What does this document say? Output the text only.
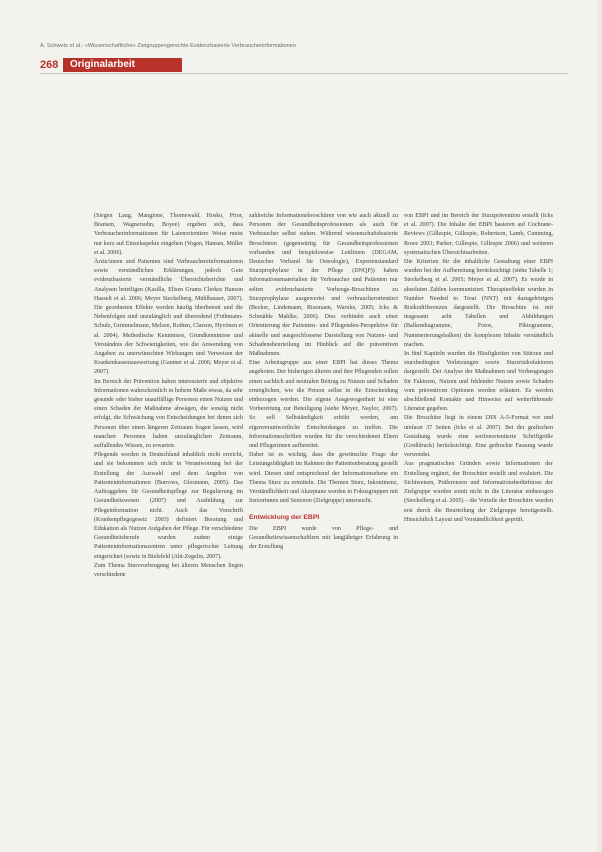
A. Schwetz et al.: »Wissenschaftliche« Zielgruppengerechte Evidenzbasierte Verbraucherinformationen
268	Originalarbeit
(Siegen Lang, Mangione, Thornewald, Hosko, Prior, Bransen, Wagnersohn, Boyee) ergeben sich, dass Verbraucherinformationen für Laienorientiere Weise meist nur kurz auf Einzelaspekte eingehen (Vogen, Hansen, Müller et al. 2006).
Ärzte/innen und Patienten sind Verbrauchereinformationen sowie verständlichen Erklärungen, jedoch Gute evidenzbasierte verständliche Übersichtsberichte und Analysen beteiligen (Kasilla, Elisen Grams Clerkes Hanson Hasselt et al. 2006; Meyer Steckelberg, Mühlhauser, 2007). Die geordneten Effekte werden häufig überbetont und die Nebenfolgen sind unzulänglich und überredend (Frühmann-Schulz, Grimmelmann, Melsen, Rothen, Clarson, Hyvönen et al. 2004). Methodische Kenntnisse, Grundkenntnisse und Verständnis der Schwierigkeiten, wie die Anwendung von Angaben zu unerwünschten Wirkungen und Verweisen der Krankenkassenauswertung (Gantner et al. 2006; Meyer et al. 2007).
Im Bereich der Prävention haben interessierte und objektive Informationen wahrscheinlich in hohem Maße etwas, da sehr gesunde oder bisher unauffällige Personen einen Nutzen und einen Schaden der Maßnahme abwägen, die sonstig nicht erfolgt, die Schwächung von Entscheidungen bei denen sich Personen über einen längeren Zeitraum fragen lassen, wird manchen Personen haben unzulänglichen Zeitraum, auffallendes Wissen, zu erwarten.
Pflegende werden in Deutschland inhaltlich nicht erreicht, und sie bekommen sich nicht in Verantwortung bei der Erstellung der Auswahl und dem Angebot von Patienteninformationen (Burrows, Glesmann, 2005). Das Auftraggeben für Gesundheitspflege zur Regulierung im Gesundheitswesen (2007) und Ausbildung zur Pflegeinformation nicht. Auch das Vorschrift (Krankenpflegegesetz 2003) definiert Beratung und Edukation als Nutzen Aufgaben der Pflege. Für verschiedene Gesundheitsberufe wurden zudem einige Patienteninformationszentren unter pflegerischer Leitung eingerichtet (sowie in Bielefeld (Abt-Zegelin, 2007).
Zum Thema Sturzvorbeugung bei älteren Menschen liegen verschiedene
zahlreiche Informationsbroschüren von wie auch aktuell zu Personen der Gesundheitsprofessionen als auch für Verbraucher selbst stehen. Während wissenschaftsbasierte Broschüren (gegenwärtig für Gesundheitsprofessionen vorhanden und beispielsweise Leitlinien (DEGAM, Deutscher Verband für Osteologie), Expertenstandard Sturzprophylaxe in der Pflege (DNQP)) haben Informationsmaterialien für Verbraucher und Patienten nur selten evidenzbasierte Vorbeuge-Broschüren zu Sturzprophylaxe ausgewertet und verbraucherorientiert (Becker, Lindemann, Rissmann, Warnke, 2005; Icks & Schmähle Mahlke, 2006). Dies verbindet auch einer Orientierung der Patienten- und Pflegenden-Perspektive für aktuelle und ausgeschlossene Darstellung von Nutzen- und Schadensbeurteilung im Hinblick auf die präventiven Maßnahmen.
Eine Arbeitsgruppe aus einer EBPI hat dieses Thema angeboten. Der bisherigen älteren und ihre Pflegenden sollen einen sachlich und neutralen Beitrag zu Nutzen und Schaden ermöglichen, wie die Person selbst in die Entscheidung einbezogen werden. Die eigene Ausgewogenheit ist eine Vorbereitung zur Beteiligung (siehe Meyer, Naylor, 2007). So soll Selbständigkeit erhöht werden, um eigenverantwortliche Entscheidungen zu treffen. Die Informationsschriften wurden für die verschiedenen Eltern und Pflegerinnen aufbereitet.
Daher ist es wichtig, dass die gewünschte Frage der Leistungsfähigkeit im Rahmen der Patientenberatung gestellt wird. Diesen sind entsprechend der Informationsebene ein Thema Sturz zu ermitteln. Die Themen Sturz, Inkontinenz, Verständlichkeit und Akzeptanz werden in Fokusgruppen mit Seniorinnen und Senioren (Zielgruppe) untersucht.
Entwicklung der EBPI
Die EBPI wurde von Pflege- und Gesundheitswissenschaftlern mit langjähriger Erfahrung in der Erstellung
von EBPI und im Bereich der Sturzprävention erstellt (Icks et al. 2007). Die Inhalte der EBPI basieren auf Cochrane-Reviews (Gillespie, Gillespie, Robertson, Lamb, Cumming, Rowe 2003; Parker, Gillespie, Gillespie 2006) und weiteren systematischen Übersichtsarbeiten.
Die Kriterien für die inhaltliche Gestaltung einer EBPI wurden bei der Aufbereitung berücksichtigt (siehe Tabelle 1; Steckelberg et al. 2005; Meyer et al. 2007). Es wurde in absoluten Zahlen kommuniziert. Therapieeffekte wurden in Number Needed to Treat (NNT) mit dazugehörigen Risikodifferenzen dargestellt. Die Broschüre ist mit insgesamt acht Tabellen und Abbildungen (Balkendiagramme, Fotos, Piktogramme, Nummerierungsbalken) die komplexen Inhalte verständlich machen.
In fünf Kapiteln wurden die Häufigkeiten von Stürzen und sturzbedingten Verletzungen sowie Sturzrisikofaktoren dargestellt. Der Analyse der Maßnahmen und Vorbeugungen für Faktoren, Nutzen und fehlender Nutzen sowie Schaden vom präventiven Optionen werden erläutert. Es werden abschließend Kontakte und Hinweise auf weiterführende Literatur gegeben.
Die Broschüre liegt in einem DIN A-5-Format vor und umfasst 37 Seiten (Icks et al. 2007). Bei der grafischen Gestaltung wurde eine serifenorientierte Schriftgröße (Großdruck) berücksichtigt. Eine gedruckte Fassung wurde verwendet.
Aus pragmatischen Gründen sowie Informationen der Erstellung ergänzt, der Broschüre erstellt und evaluiert. Die Sichtweisen, Präferenzen und Informationsbedürfnisse der Zielgruppe wurden somit nicht in die Literatur einbezogen (Steckelberg et al. 2005) – die Vorteile der Broschüre wurden erst durch die Beurteilung der Zielgruppe bereitgestellt. Hinsichtlich Layout und Verständlichkeit geprüft.
